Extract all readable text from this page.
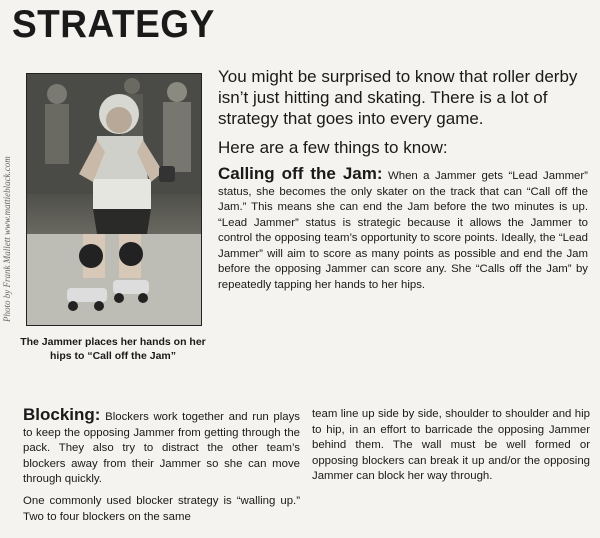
STRATEGY
Photo by Frank Mallett www.mattieblack.com
The Jammer places her hands on her hips to “Call off the Jam”

You might be surprised to know that roller derby isn’t just hitting and skating. There is a lot of strategy that goes into every game.

Here are a few things to know:

Calling off the Jam: When a Jammer gets “Lead Jammer” status, she becomes the only skater on the track that can “Call off the Jam.” This means she can end the Jam before the two minutes is up. “Lead Jammer” status is strategic because it allows the Jammer to control the opposing team’s opportunity to score points. Ideally, the “Lead Jammer” will aim to score as many points as possible and end the Jam before the opposing Jammer can score any. She “Calls off the Jam” by repeatedly tapping her hands to her hips.

Blocking: Blockers work together and run plays to keep the opposing Jammer from getting through the pack. They also try to distract the other team’s blockers away from their Jammer so she can move through quickly.

One commonly used blocker strategy is “walling up.” Two to four blockers on the same

team line up side by side, shoulder to shoulder and hip to hip, in an effort to barricade the opposing Jammer behind them. The wall must be well formed or opposing blockers can break it up and/or the opposing Jammer can block her way through.
